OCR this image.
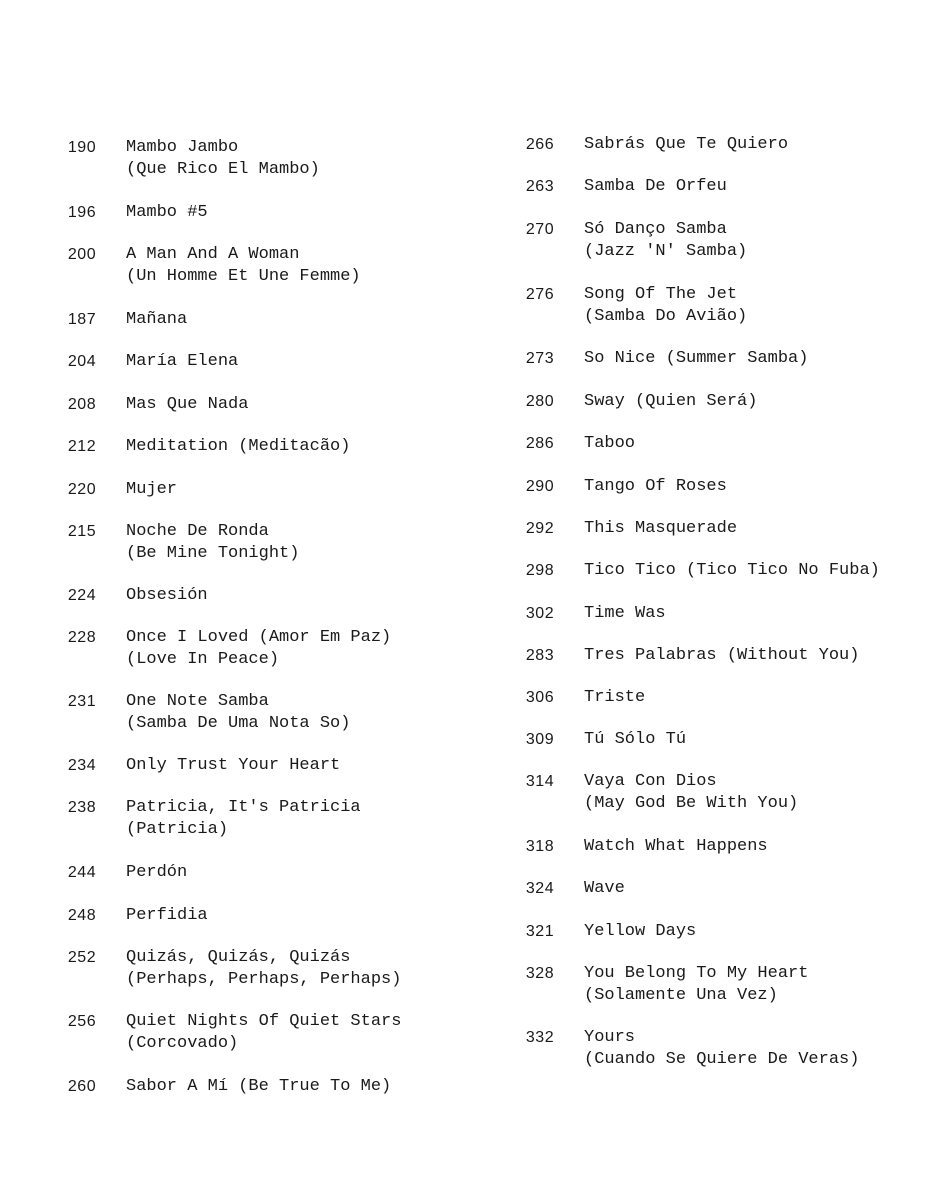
190	Mambo Jambo
(Que Rico El Mambo)
196	Mambo #5
200	A Man And A Woman
(Un Homme Et Une Femme)
187	Mañana
204	María Elena
208	Mas Que Nada
212	Meditation (Meditacão)
220	Mujer
215	Noche De Ronda
(Be Mine Tonight)
224	Obsesión
228	Once I Loved (Amor Em Paz)
(Love In Peace)
231	One Note Samba
(Samba De Uma Nota So)
234	Only Trust Your Heart
238	Patricia, It's Patricia
(Patricia)
244	Perdón
248	Perfidia
252	Quizás, Quizás, Quizás
(Perhaps, Perhaps, Perhaps)
256	Quiet Nights Of Quiet Stars
(Corcovado)
260	Sabor A Mí (Be True To Me)
266	Sabrás Que Te Quiero
263	Samba De Orfeu
270	Só Danço Samba
(Jazz 'N' Samba)
276	Song Of The Jet
(Samba Do Avião)
273	So Nice (Summer Samba)
280	Sway (Quien Será)
286	Taboo
290	Tango Of Roses
292	This Masquerade
298	Tico Tico (Tico Tico No Fuba)
302	Time Was
283	Tres Palabras (Without You)
306	Triste
309	Tú Sólo Tú
314	Vaya Con Dios
(May God Be With You)
318	Watch What Happens
324	Wave
321	Yellow Days
328	You Belong To My Heart
(Solamente Una Vez)
332	Yours
(Cuando Se Quiere De Veras)
